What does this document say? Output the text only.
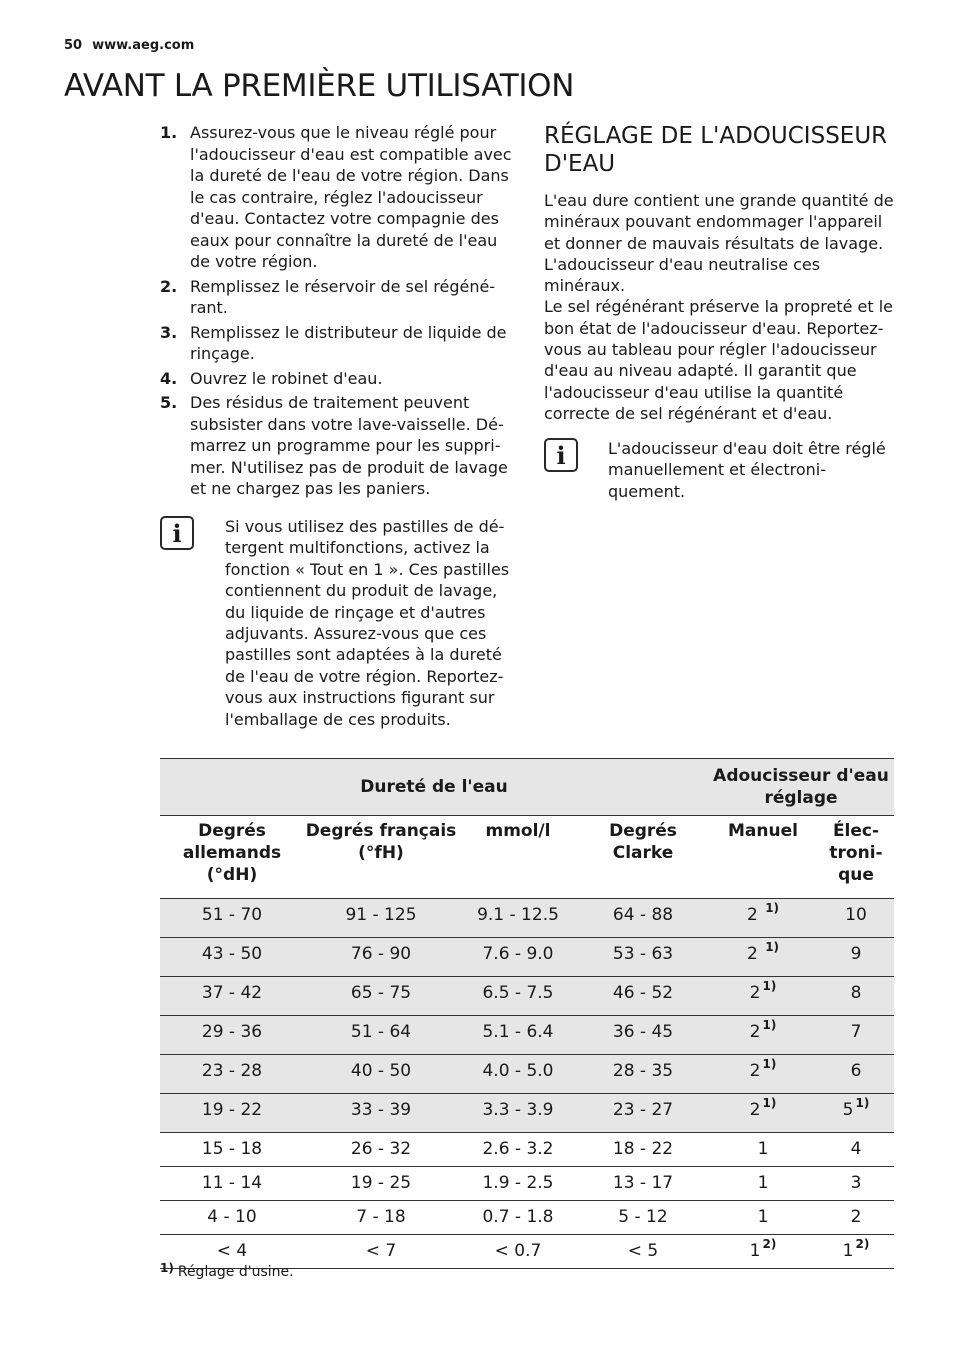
50 www.aeg.com
AVANT LA PREMIÈRE UTILISATION
1. Assurez-vous que le niveau réglé pour l'adoucisseur d'eau est compatible avec la dureté de l'eau de votre région. Dans le cas contraire, réglez l'adoucisseur d'eau. Contactez votre compagnie des eaux pour connaître la dureté de l'eau de votre région.
2. Remplissez le réservoir de sel régénérant.
3. Remplissez le distributeur de liquide de rinçage.
4. Ouvrez le robinet d'eau.
5. Des résidus de traitement peuvent subsister dans votre lave-vaisselle. Démarrez un programme pour les supprimer. N'utilisez pas de produit de lavage et ne chargez pas les paniers.
i	Si vous utilisez des pastilles de détergent multifonctions, activez la fonction « Tout en 1 ». Ces pastilles contiennent du produit de lavage, du liquide de rinçage et d'autres adjuvants. Assurez-vous que ces pastilles sont adaptées à la dureté de l'eau de votre région. Reportez-vous aux instructions figurant sur l'emballage de ces produits.
RÉGLAGE DE L'ADOUCISSEUR D'EAU

L'eau dure contient une grande quantité de minéraux pouvant endommager l'appareil et donner de mauvais résultats de lavage. L'adoucisseur d'eau neutralise ces minéraux.

Le sel régénérant préserve la propreté et le bon état de l'adoucisseur d'eau. Reportez-vous au tableau pour régler l'adoucisseur d'eau au niveau adapté. Il garantit que l'adoucisseur d'eau utilise la quantité correcte de sel régénérant et d'eau.

i	L'adoucisseur d'eau doit être réglé manuellement et électroniquement.
Dureté de l'eau				Adoucisseur d'eau réglage	
Degrés allemands (°dH)	Degrés français (°fH)	mmol/l	Degrés Clarke	Manuel	Électronique
51 - 70	91 - 125	9.1 - 12.5	64 - 88	2 $^{1)}$	10
43 - 50	76 - 90	7.6 - 9.0	53 - 63	2 $^{1)}$	9
37 - 42	65 - 75	6.5 - 7.5	46 - 52	2 $^{1)}$	8
29 - 36	51 - 64	5.1 - 6.4	36 - 45	2 $^{1)}$	7
23 - 28	40 - 50	4.0 - 5.0	28 - 35	2 $^{1)}$	6
19 - 22	33 - 39	3.3 - 3.9	23 - 27	2 $^{1)}$	5 $^{1)}$
15 - 18	26 - 32	2.6 - 3.2	18 - 22	1	4
11 - 14	19 - 25	1.9 - 2.5	13 - 17	1	3
4 - 10	7 - 18	0.7 - 1.8	5 - 12	1	2
< 4	< 7	< 0.7	< 5	1 $^{2)}$	1 $^{2)}$
1) Réglage d'usine.
